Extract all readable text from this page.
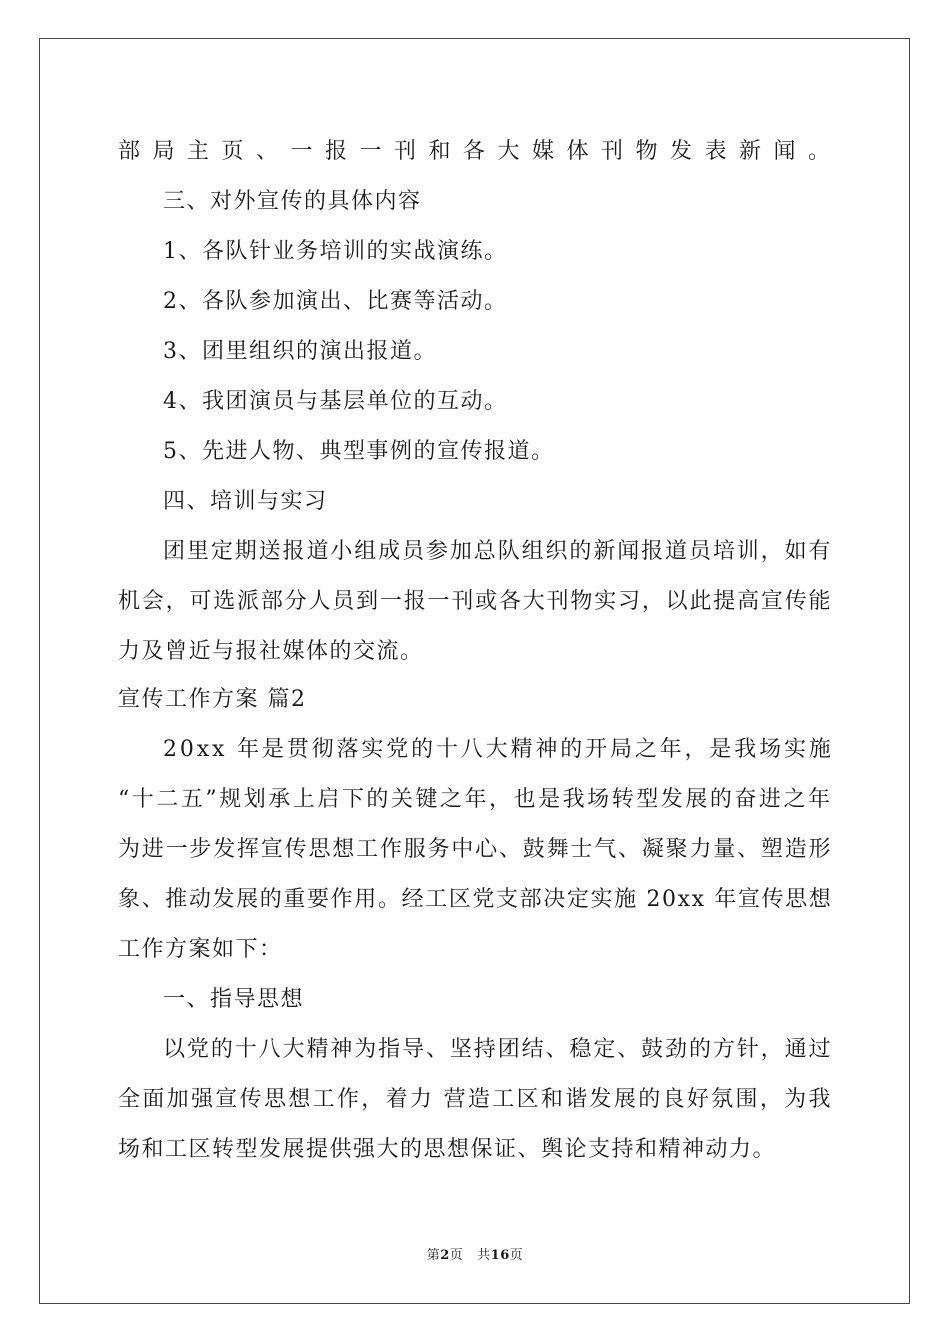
部局主页、一报一刊和各大媒体刊物发表新闻。
三、对外宣传的具体内容
1、各队针业务培训的实战演练。
2、各队参加演出、比赛等活动。
3、团里组织的演出报道。
4、我团演员与基层单位的互动。
5、先进人物、典型事例的宣传报道。
四、培训与实习
团里定期送报道小组成员参加总队组织的新闻报道员培训，如有
机会，可选派部分人员到一报一刊或各大刊物实习，以此提高宣传能
力及曾近与报社媒体的交流。
宣传工作方案 篇2
20xx 年是贯彻落实党的十八大精神的开局之年，是我场实施
“十二五”规划承上启下的关键之年，也是我场转型发展的奋进之年
为进一步发挥宣传思想工作服务中心、鼓舞士气、凝聚力量、塑造形
象、推动发展的重要作用。经工区党支部决定实施 20xx 年宣传思想
工作方案如下：
一、指导思想
以党的十八大精神为指导、坚持团结、稳定、鼓劲的方针，通过
全面加强宣传思想工作，着力 营造工区和谐发展的良好氛围，为我
场和工区转型发展提供强大的思想保证、舆论支持和精神动力。
第2页   共16页
